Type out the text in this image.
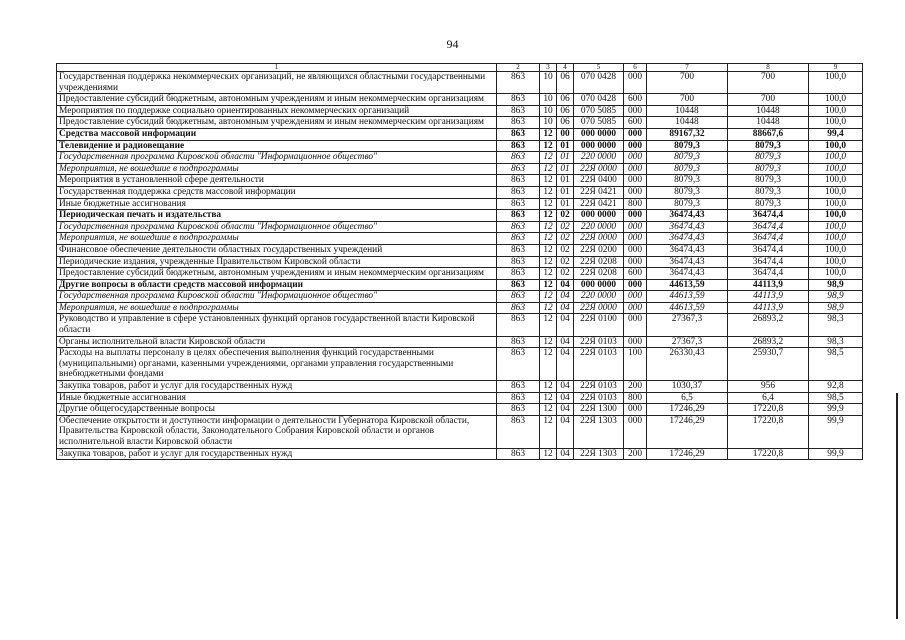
94
1	2	3	4	5	6	7	8	9
Государственная поддержка некоммерческих организаций, не являющихся областными государственными учреждениями	863	10	06	070 0428	000	700	700	100,0
Предоставление субсидий бюджетным, автономным учреждениям и иным некоммерческим организациям	863	10	06	070 0428	600	700	700	100,0
Мероприятия по поддержке социально ориентированных некоммерческих организаций	863	10	06	070 5085	000	10448	10448	100,0
Предоставление субсидий бюджетным, автономным учреждениям и иным некоммерческим организациям	863	10	06	070 5085	600	10448	10448	100,0
Средства массовой информации	863	12	00	000 0000	000	89167,32	88667,6	99,4
Телевидение и радиовещание	863	12	01	000 0000	000	8079,3	8079,3	100,0
Государственная программа Кировской области "Информационное общество"	863	12	01	220 0000	000	8079,3	8079,3	100,0
Мероприятия, не вошедшие в подпрограммы	863	12	01	22Я 0000	000	8079,3	8079,3	100,0
Мероприятия в установленной сфере деятельности	863	12	01	22Я 0400	000	8079,3	8079,3	100,0
Государственная поддержка средств массовой информации	863	12	01	22Я 0421	000	8079,3	8079,3	100,0
Иные бюджетные ассигнования	863	12	01	22Я 0421	800	8079,3	8079,3	100,0
Периодическая печать и издательства	863	12	02	000 0000	000	36474,43	36474,4	100,0
Государственная программа Кировской области "Информационное общество"	863	12	02	220 0000	000	36474,43	36474,4	100,0
Мероприятия, не вошедшие в подпрограммы	863	12	02	22Я 0000	000	36474,43	36474,4	100,0
Финансовое обеспечение деятельности областных государственных учреждений	863	12	02	22Я 0200	000	36474,43	36474,4	100,0
Периодические издания, учрежденные Правительством Кировской области	863	12	02	22Я 0208	000	36474,43	36474,4	100,0
Предоставление субсидий бюджетным, автономным учреждениям и иным некоммерческим организациям	863	12	02	22Я 0208	600	36474,43	36474,4	100,0
Другие вопросы в области средств массовой информации	863	12	04	000 0000	000	44613,59	44113,9	98,9
Государственная программа Кировской области "Информационное общество"	863	12	04	220 0000	000	44613,59	44113,9	98,9
Мероприятия, не вошедшие в подпрограммы	863	12	04	22Я 0000	000	44613,59	44113,9	98,9
Руководство и управление в сфере установленных функций органов государственной власти Кировской области	863	12	04	22Я 0100	000	27367,3	26893,2	98,3
Органы исполнительной власти Кировской области	863	12	04	22Я 0103	000	27367,3	26893,2	98,3
Расходы на выплаты персоналу в целях обеспечения выполнения функций государственными (муниципальными) органами, казенными учреждениями, органами управления государственными внебюджетными фондами	863	12	04	22Я 0103	100	26330,43	25930,7	98,5
Закупка товаров, работ и услуг для государственных нужд	863	12	04	22Я 0103	200	1030,37	956	92,8
Иные бюджетные ассигнования	863	12	04	22Я 0103	800	6,5	6,4	98,5
Другие общегосударственные вопросы	863	12	04	22Я 1300	000	17246,29	17220,8	99,9
Обеспечение открытости и доступности информации о деятельности Губернатора Кировской области, Правительства Кировской области, Законодательного Собрания Кировской области и органов исполнительной власти Кировской области	863	12	04	22Я 1303	000	17246,29	17220,8	99,9
Закупка товаров, работ и услуг для государственных нужд	863	12	04	22Я 1303	200	17246,29	17220,8	99,9
